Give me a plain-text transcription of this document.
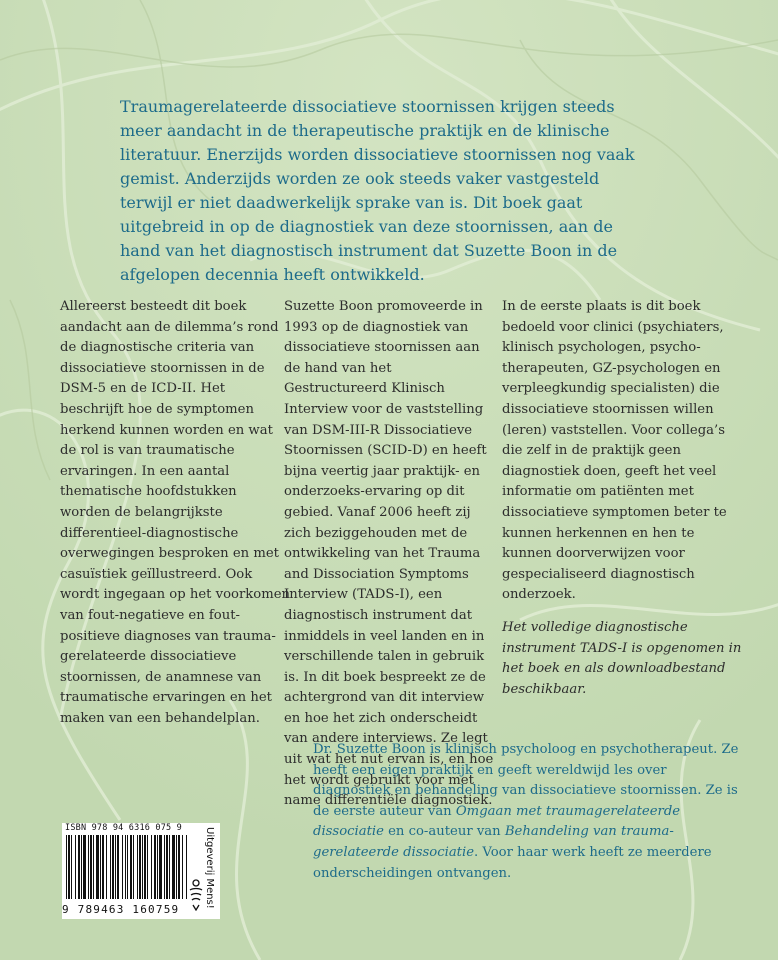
Traumagerelateerde dissociatieve stoornissen krijgen steeds meer aandacht in de therapeutische praktijk en de klinische literatuur. Enerzijds worden dissociatieve stoornissen nog vaak gemist. Anderzijds worden ze ook steeds vaker vastgesteld terwijl er niet daadwerkelijk sprake van is. Dit boek gaat uitgebreid in op de diagnostiek van deze stoornissen, aan de hand van het diagnostisch instrument dat Suzette Boon in de afgelopen decennia heeft ontwikkeld.

Allereerst besteedt dit boek aandacht aan de dilemma’s rond de diagnostische criteria van dissociatieve stoornissen in de DSM-5 en de ICD-II. Het beschrijft hoe de symptomen herkend kunnen worden en wat de rol is van traumatische ervaringen. In een aantal thematische hoofdstukken worden de belangrijkste differentieel-diagnostische overwegingen besproken en met casuïstiek geïllustreerd. Ook wordt ingegaan op het voorkomen van fout-negatieve en fout-positieve diagnoses van trauma-gerelateerde dissociatieve stoornissen, de anamnese van traumatische ervaringen en het maken van een behandelplan.

Suzette Boon promoveerde in 1993 op de diagnostiek van dissociatieve stoornissen aan de hand van het Gestructureerd Klinisch Interview voor de vaststelling van DSM-III-R Dissociatieve Stoornissen (SCID-D) en heeft bijna veertig jaar praktijk- en onderzoeks-ervaring op dit gebied. Vanaf 2006 heeft zij zich beziggehouden met de ontwikkeling van het Trauma and Dissociation Symptoms Interview (TADS-I), een diagnostisch instrument dat inmiddels in veel landen en in verschillende talen in gebruik is. In dit boek bespreekt ze de achtergrond van dit interview en hoe het zich onderscheidt van andere interviews. Ze legt uit wat het nut ervan is, en hoe het wordt gebruikt voor met name differentiële diagnostiek.

In de eerste plaats is dit boek bedoeld voor clinici (psychiaters, klinisch psychologen, psycho-therapeuten, GZ-psychologen en verpleegkundig specialisten) die dissociatieve stoornissen willen (leren) vaststellen. Voor collega’s die zelf in de praktijk geen diagnostiek doen, geeft het veel informatie om patiënten met dissociatieve symptomen beter te kunnen herkennen en hen te kunnen doorverwijzen voor gespecialiseerd diagnostisch onderzoek.

Het volledige diagnostische instrument TADS-I is opgenomen in het boek en als downloadbestand beschikbaar.

Dr. Suzette Boon is klinisch psycholoog en psychotherapeut. Ze heeft een eigen praktijk en geeft wereldwijd les over diagnostiek en behandeling van dissociatieve stoornissen. Ze is de eerste auteur van Omgaan met traumagerelateerde dissociatie en co-auteur van Behandeling van trauma-gerelateerde dissociatie. Voor haar werk heeft ze meerdere onderscheidingen ontvangen.

ISBN 978 94 6316 075 9
9 789463 160759
Uitgeverij Mens!
